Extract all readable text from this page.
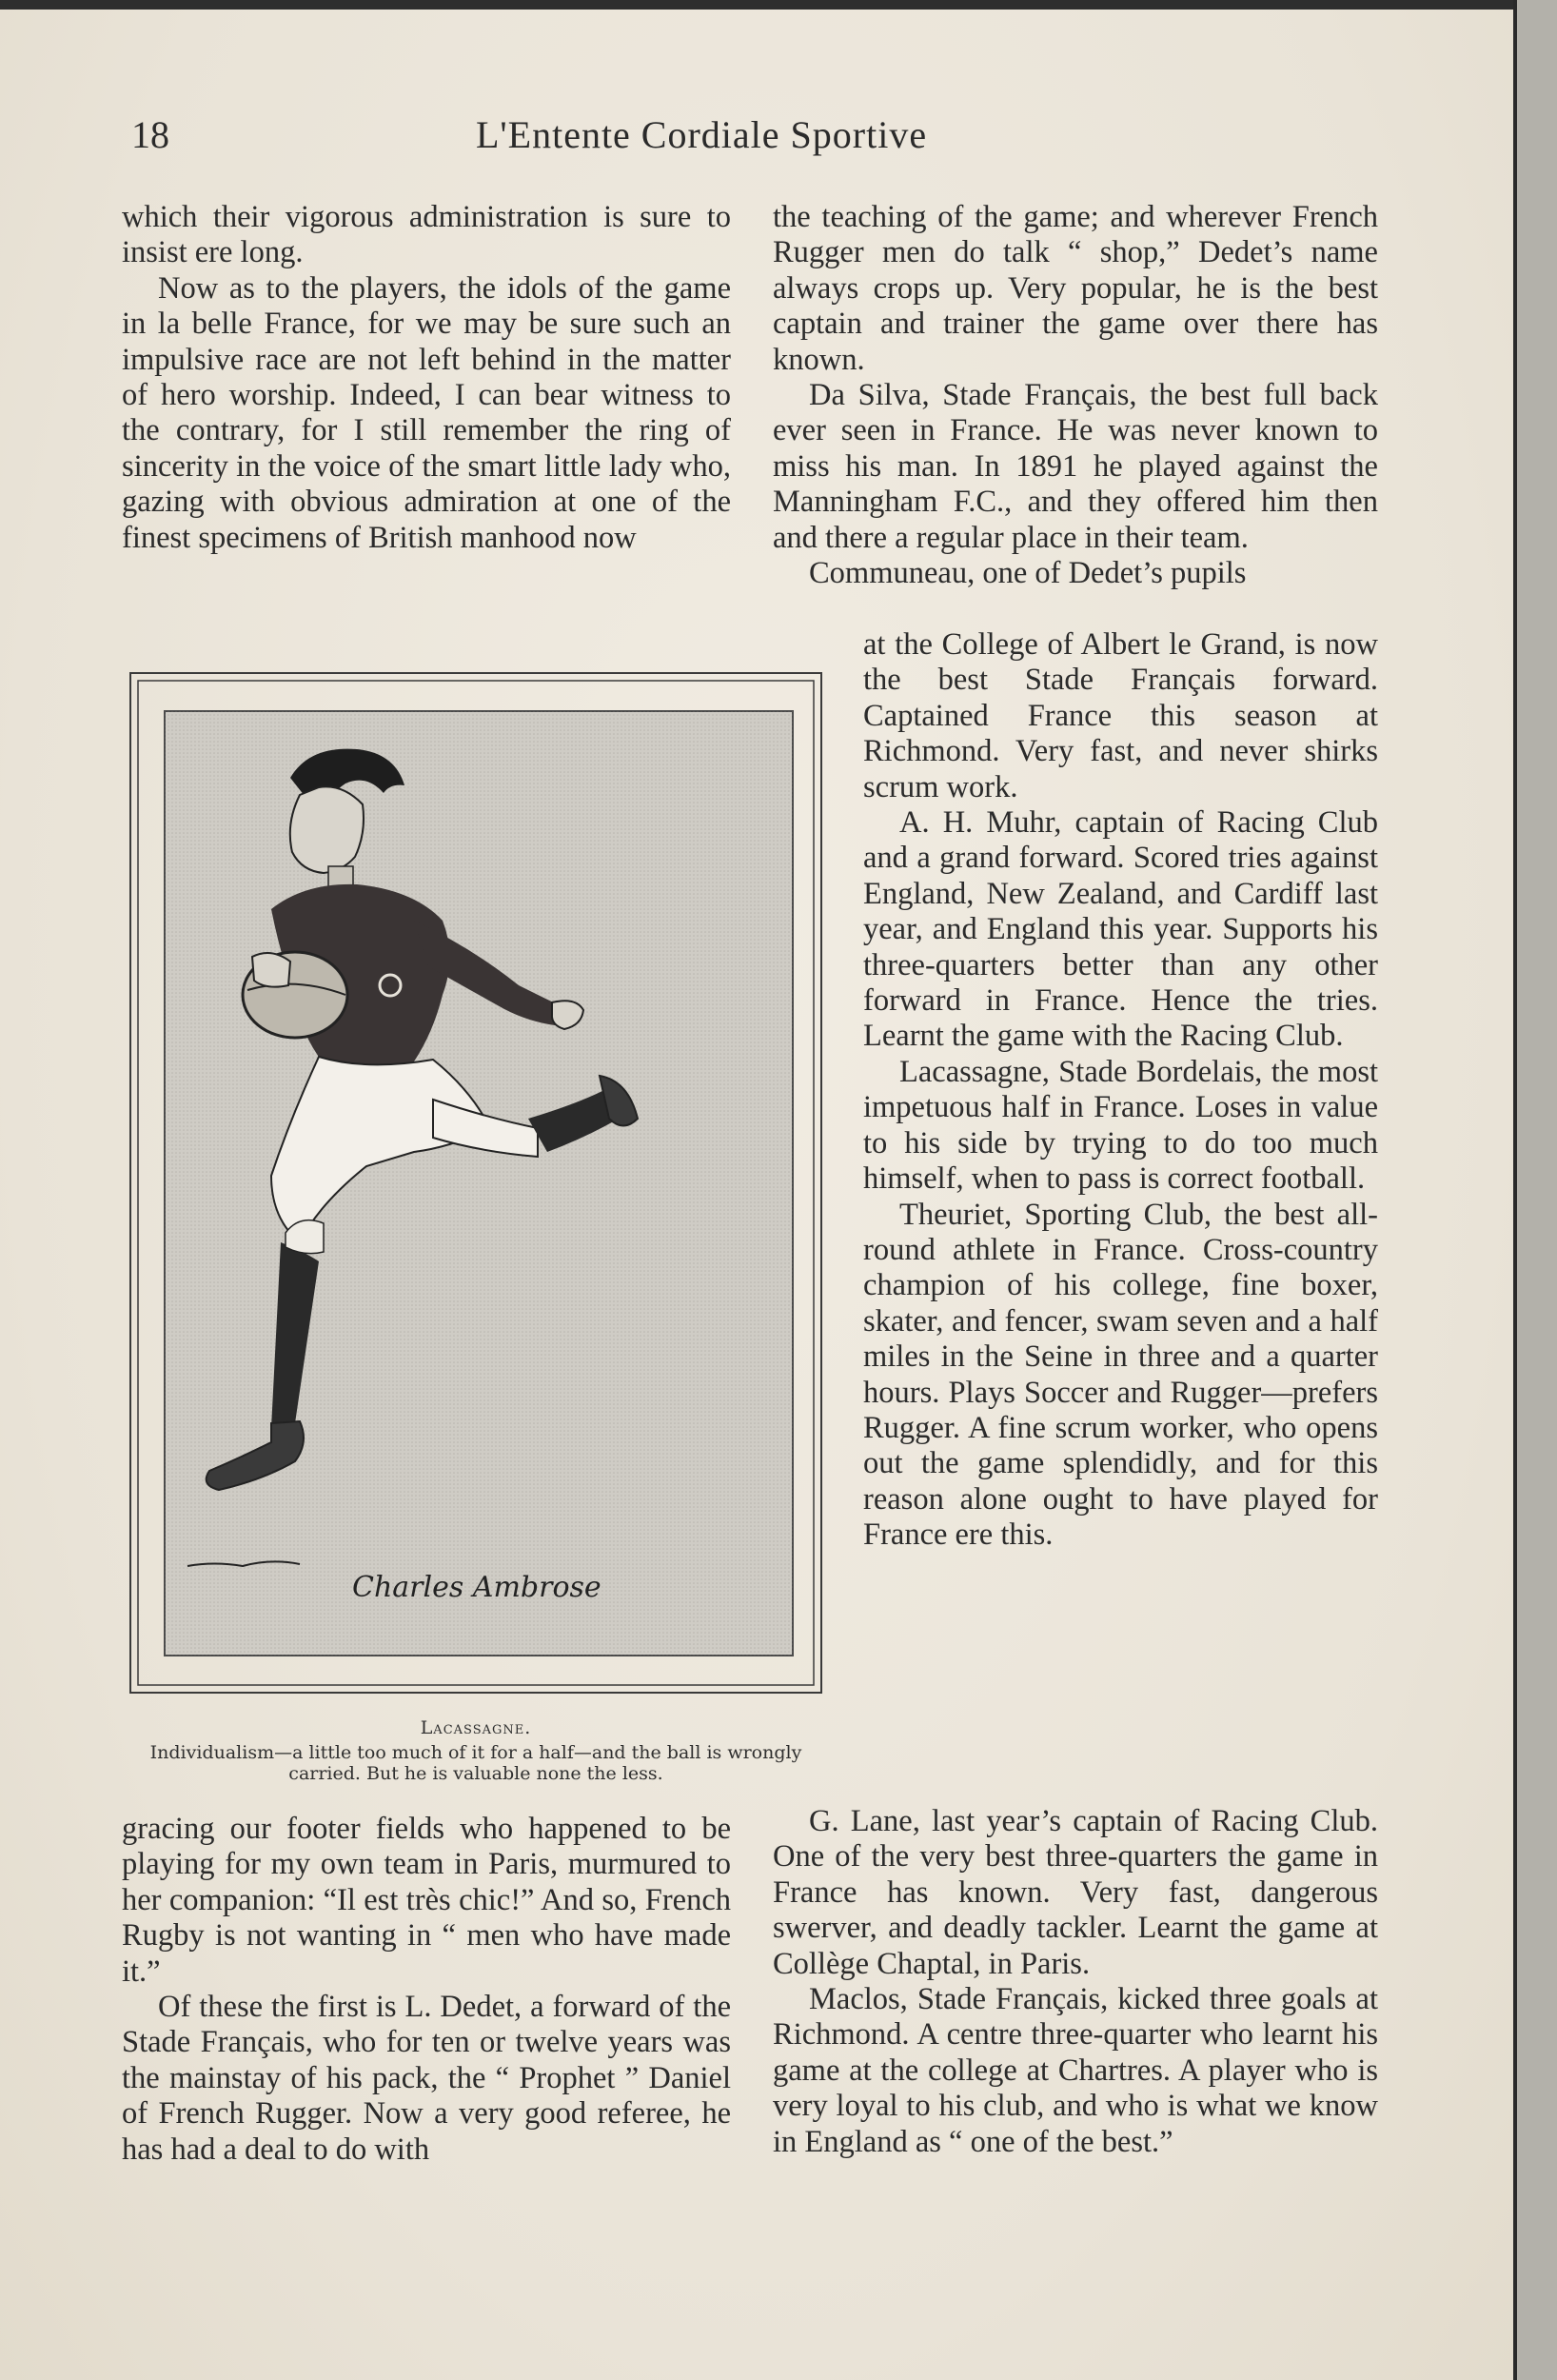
18	L'Entente Cordiale Sportive

which their vigorous administration is sure to insist ere long.

Now as to the players, the idols of the game in la belle France, for we may be sure such an impulsive race are not left behind in the matter of hero worship. Indeed, I can bear witness to the contrary, for I still remember the ring of sincerity in the voice of the smart little lady who, gazing with obvious admiration at one of the finest specimens of British manhood now

Charles Ambrose
Lacassagne.
Individualism—a little too much of it for a half—and the ball is wrongly carried. But he is valuable none the less.

gracing our footer fields who happened to be playing for my own team in Paris, murmured to her companion: “Il est très chic!” And so, French Rugby is not wanting in “ men who have made it.”

Of these the first is L. Dedet, a forward of the Stade Français, who for ten or twelve years was the mainstay of his pack, the “ Prophet ” Daniel of French Rugger. Now a very good referee, he has had a deal to do with

the teaching of the game; and wherever French Rugger men do talk “ shop,” Dedet’s name always crops up. Very popular, he is the best captain and trainer the game over there has known.

Da Silva, Stade Français, the best full back ever seen in France. He was never known to miss his man. In 1891 he played against the Manningham F.C., and they offered him then and there a regular place in their team.

Communeau, one of Dedet’s pupils

at the College of Albert le Grand, is now the best Stade Français forward. Captained France this season at Richmond. Very fast, and never shirks scrum work.

A. H. Muhr, captain of Racing Club and a grand forward. Scored tries against England, New Zealand, and Cardiff last year, and England this year. Supports his three-quarters better than any other forward in France. Hence the tries. Learnt the game with the Racing Club.

Lacassagne, Stade Bordelais, the most impetuous half in France. Loses in value to his side by trying to do too much himself, when to pass is correct football.

Theuriet, Sporting Club, the best all-round athlete in France. Cross-country champion of his college, fine boxer, skater, and fencer, swam seven and a half miles in the Seine in three and a quarter hours. Plays Soccer and Rugger—prefers Rugger. A fine scrum worker, who opens out the game splendidly, and for this reason alone ought to have played for France ere this.

G. Lane, last year’s captain of Racing Club. One of the very best three-quarters the game in France has known. Very fast, dangerous swerver, and deadly tackler. Learnt the game at Collège Chaptal, in Paris.

Maclos, Stade Français, kicked three goals at Richmond. A centre three-quarter who learnt his game at the college at Chartres. A player who is very loyal to his club, and who is what we know in England as “ one of the best.”
